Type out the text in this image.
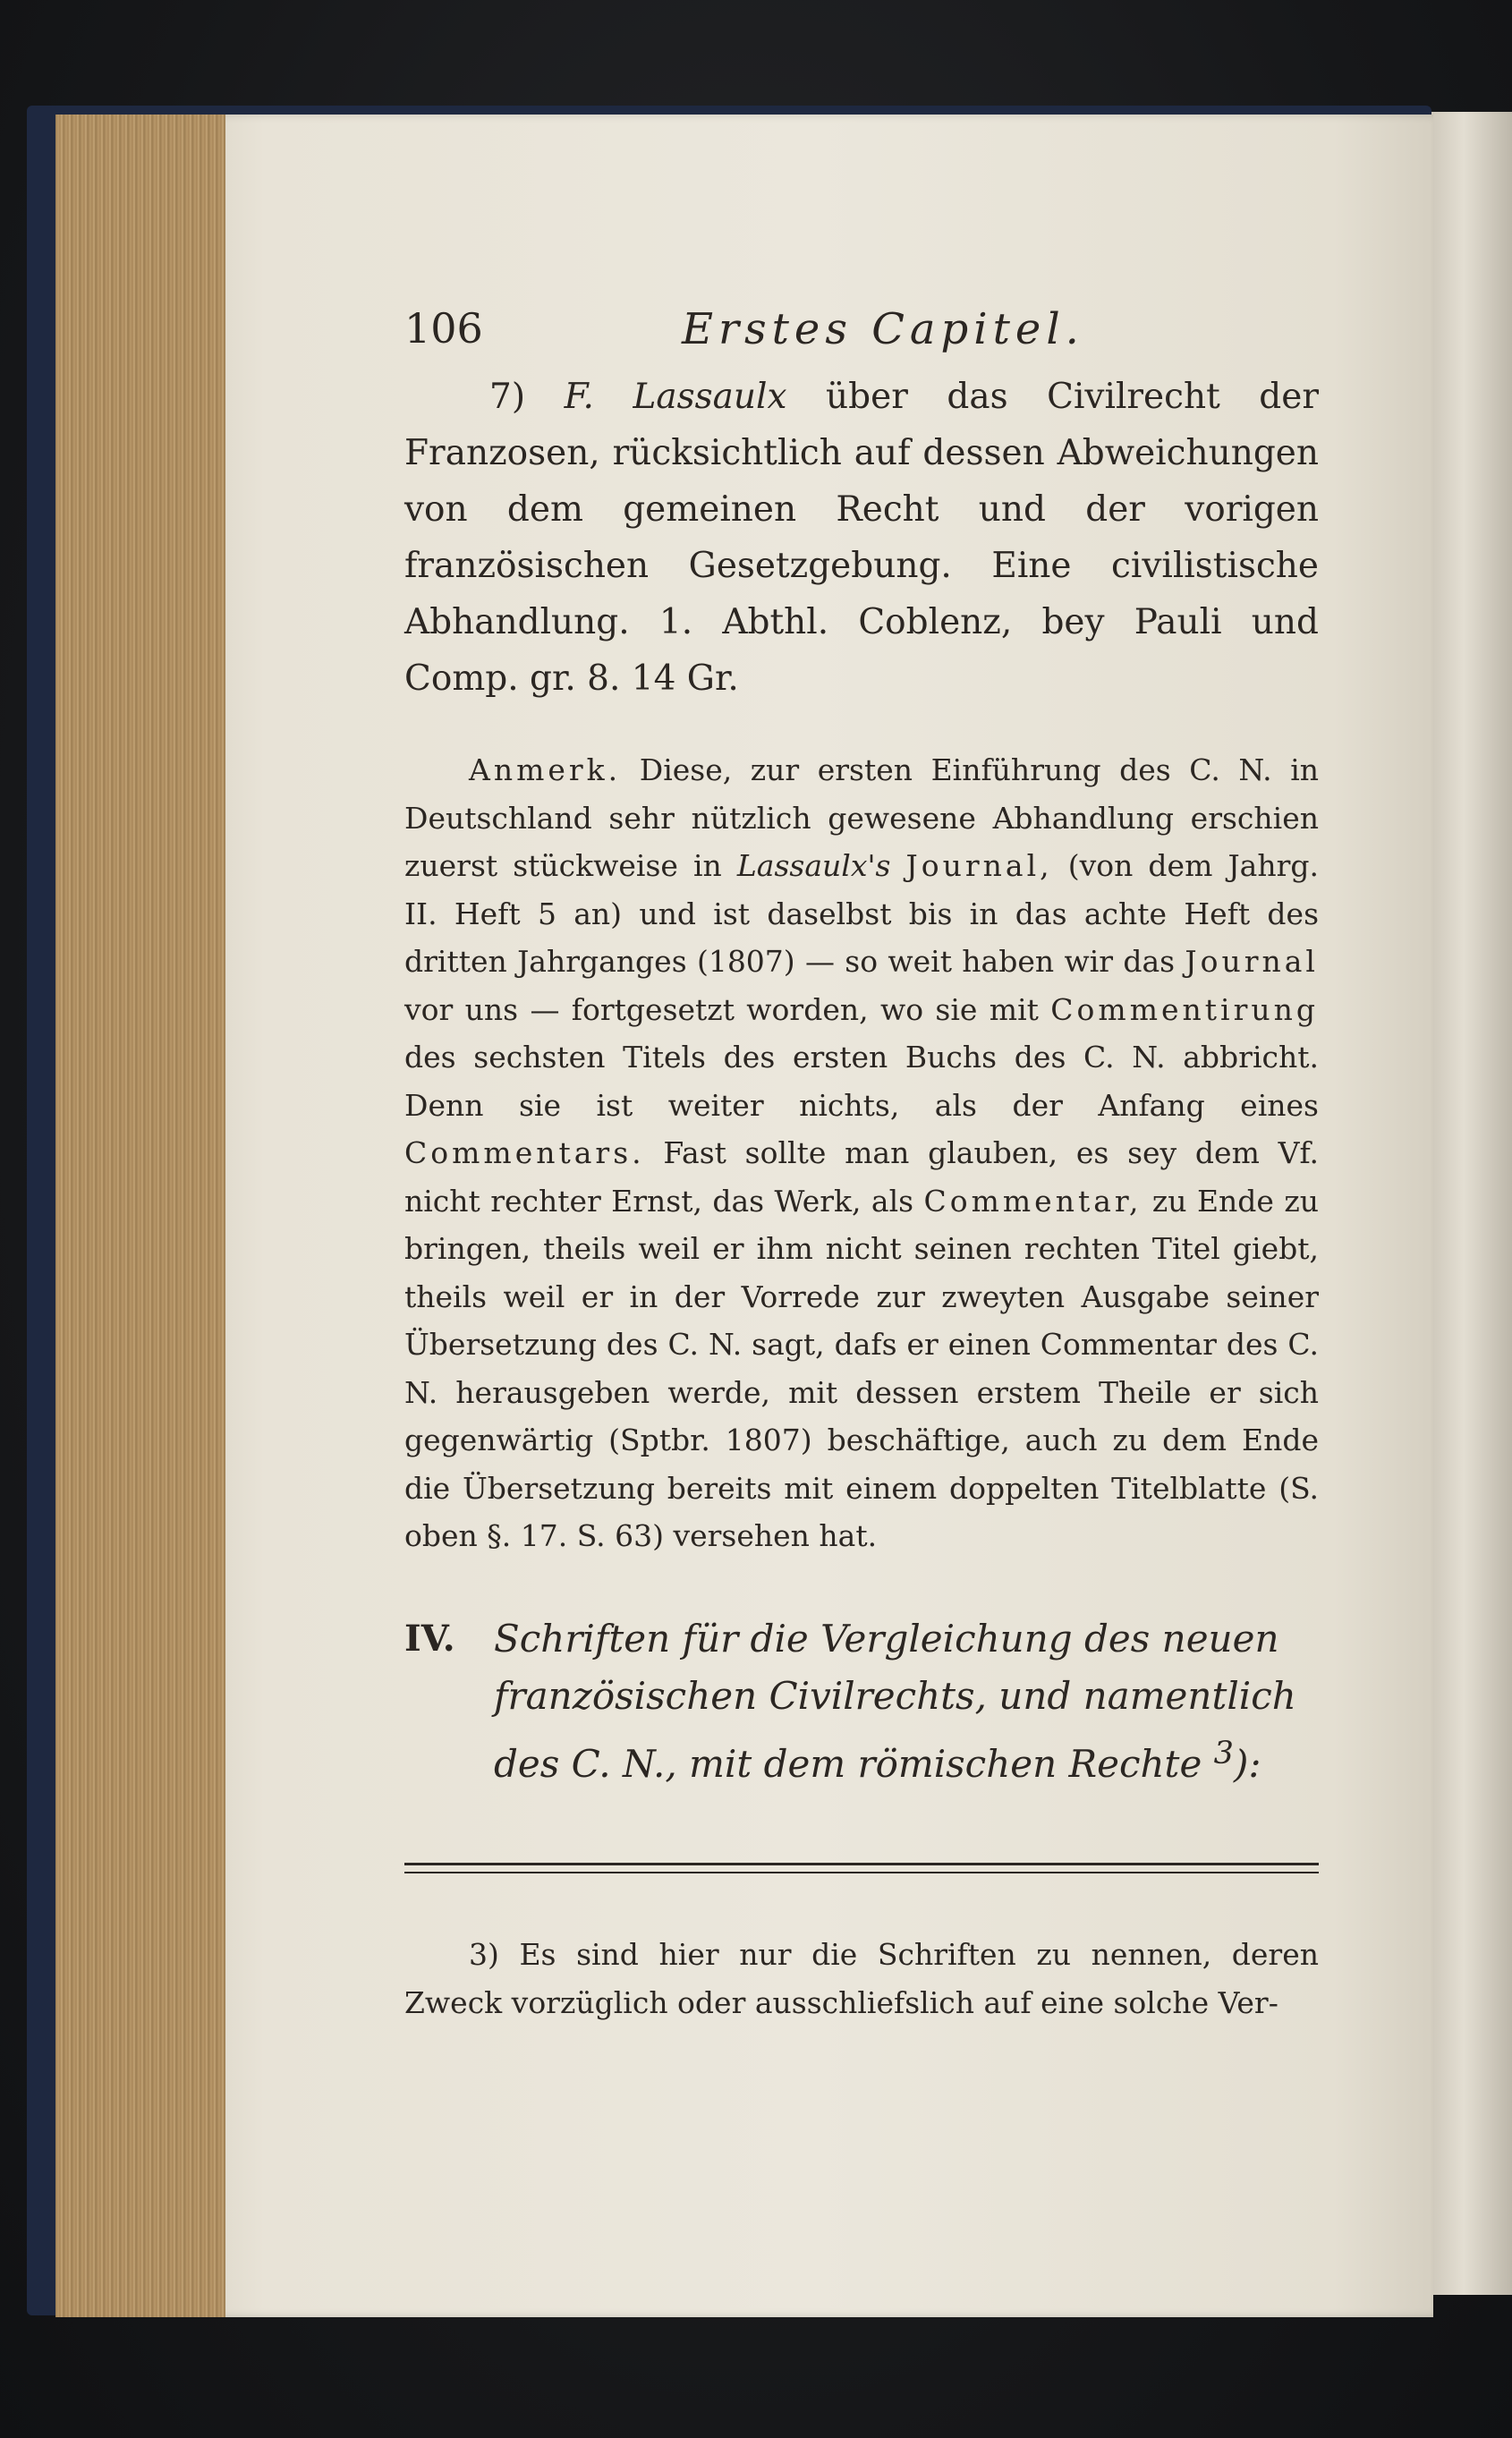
106	Erstes Capitel.

7) F. Lassaulx über das Civilrecht der Franzosen, rücksichtlich auf dessen Abweichungen von dem gemeinen Recht und der vorigen französischen Gesetzgebung. Eine civilistische Abhandlung. 1. Abthl. Coblenz, bey Pauli und Comp. gr. 8. 14 Gr.

Anmerk. Diese, zur ersten Einführung des C. N. in Deutschland sehr nützlich gewesene Abhandlung erschien zuerst stückweise in Lassaulx's Journal, (von dem Jahrg. II. Heft 5 an) und ist daselbst bis in das achte Heft des dritten Jahrganges (1807) — so weit haben wir das Journal vor uns — fortgesetzt worden, wo sie mit Commentirung des sechsten Titels des ersten Buchs des C. N. abbricht. Denn sie ist weiter nichts, als der Anfang eines Commentars. Fast sollte man glauben, es sey dem Vf. nicht rechter Ernst, das Werk, als Commentar, zu Ende zu bringen, theils weil er ihm nicht seinen rechten Titel giebt, theils weil er in der Vorrede zur zweyten Ausgabe seiner Übersetzung des C. N. sagt, dafs er einen Commentar des C. N. herausgeben werde, mit dessen erstem Theile er sich gegenwärtig (Sptbr. 1807) beschäftige, auch zu dem Ende die Übersetzung bereits mit einem doppelten Titelblatte (S. oben §. 17. S. 63) versehen hat.

IV. Schriften für die Vergleichung des neuen französischen Civilrechts, und namentlich des C. N., mit dem römischen Rechte $^3$):

3) Es sind hier nur die Schriften zu nennen, deren Zweck vorzüglich oder ausschliefslich auf eine solche Ver-
